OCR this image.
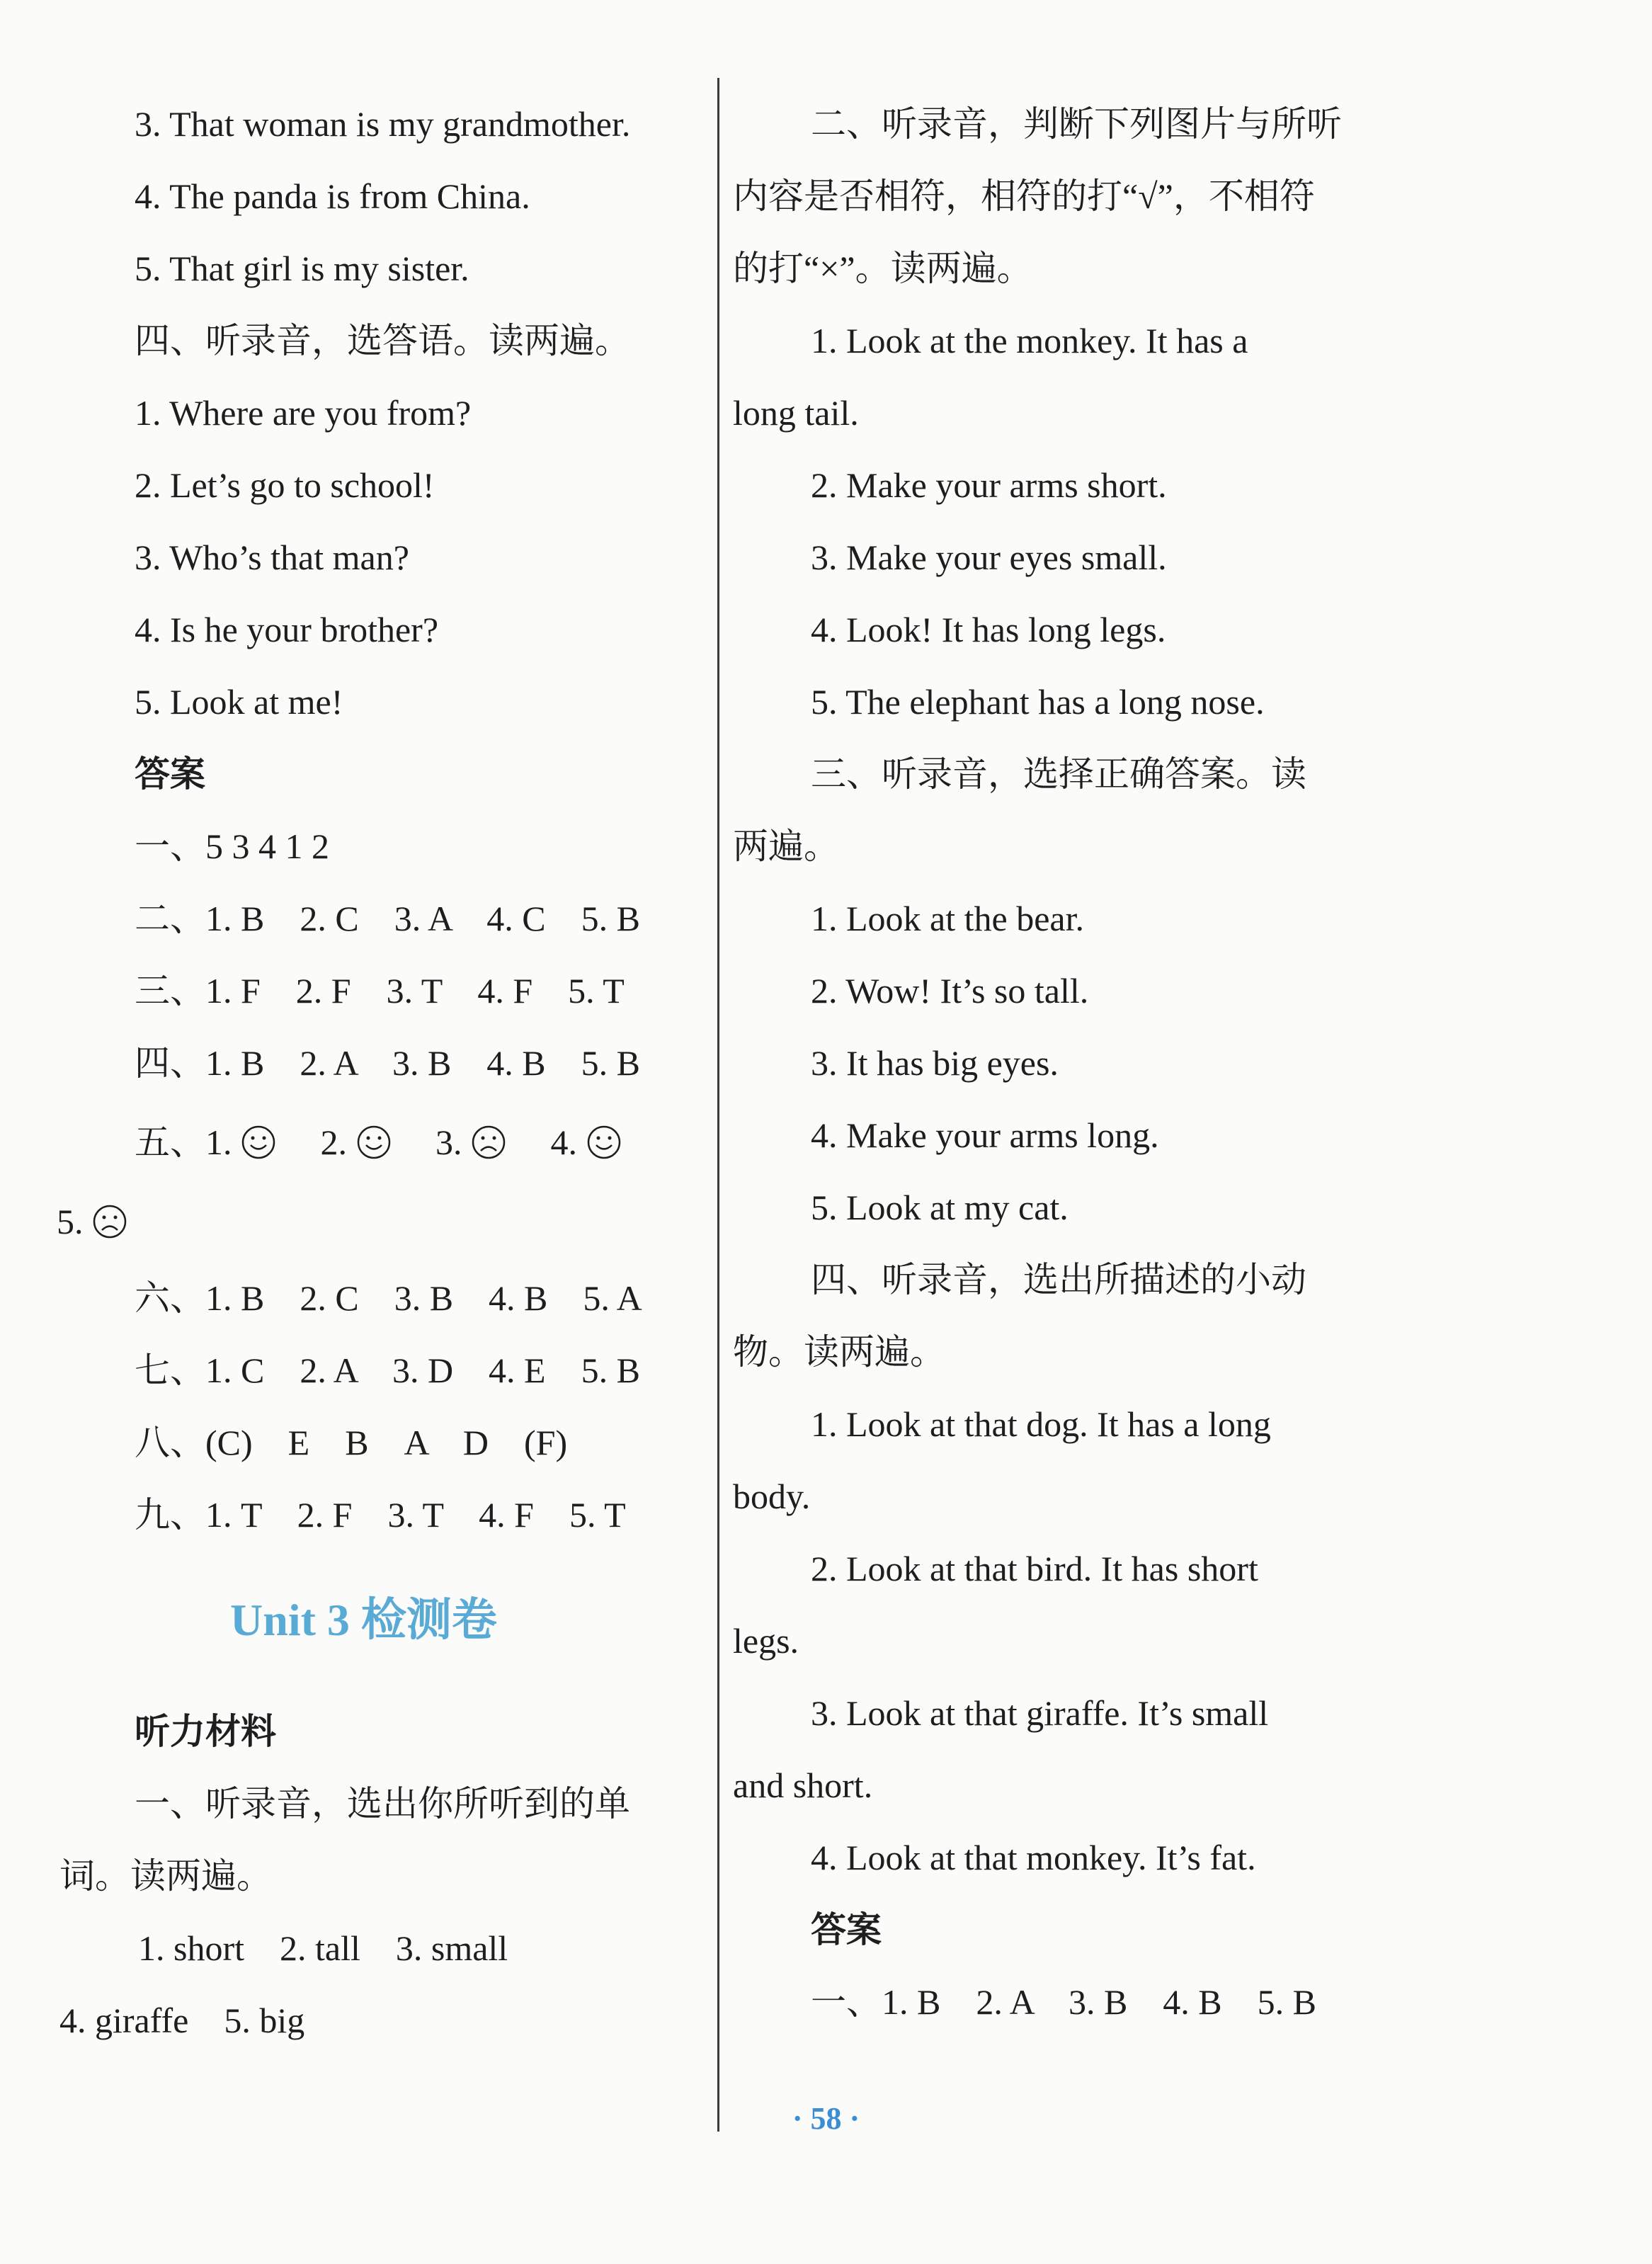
3. That woman is my grandmother.
4. The panda is from China.
5. That girl is my sister.
四、听录音，选答语。读两遍。
1. Where are you from?
2. Let’s go to school!
3. Who’s that man?
4. Is he your brother?
5. Look at me!
答案
一、5 3 4 1 2
二、1. B　2. C　3. A　4. C　5. B
三、1. F　2. F　3. T　4. F　5. T
四、1. B　2. A　3. B　4. B　5. B
五、1.	2.	3.	4.
5.
六、1. B　2. C　3. B　4. B　5. A
七、1. C　2. A　3. D　4. E　5. B
八、(C)　E　B　A　D　(F)
九、1. T　2. F　3. T　4. F　5. T
Unit 3 检测卷
听力材料
一、听录音，选出你所听到的单
词。读两遍。
1. short　2. tall　3. small
4. giraffe　5. big
二、听录音，判断下列图片与所听
内容是否相符，相符的打“√”，不相符
的打“×”。读两遍。
1. Look at the monkey. It has a
long tail.
2. Make your arms short.
3. Make your eyes small.
4. Look! It has long legs.
5. The elephant has a long nose.
三、听录音，选择正确答案。读
两遍。
1. Look at the bear.
2. Wow! It’s so tall.
3. It has big eyes.
4. Make your arms long.
5. Look at my cat.
四、听录音，选出所描述的小动
物。读两遍。
1. Look at that dog. It has a long
body.
2. Look at that bird. It has short
legs.
3. Look at that giraffe. It’s small
and short.
4. Look at that monkey. It’s fat.
答案
一、1. B　2. A　3. B　4. B　5. B
· 58 ·
